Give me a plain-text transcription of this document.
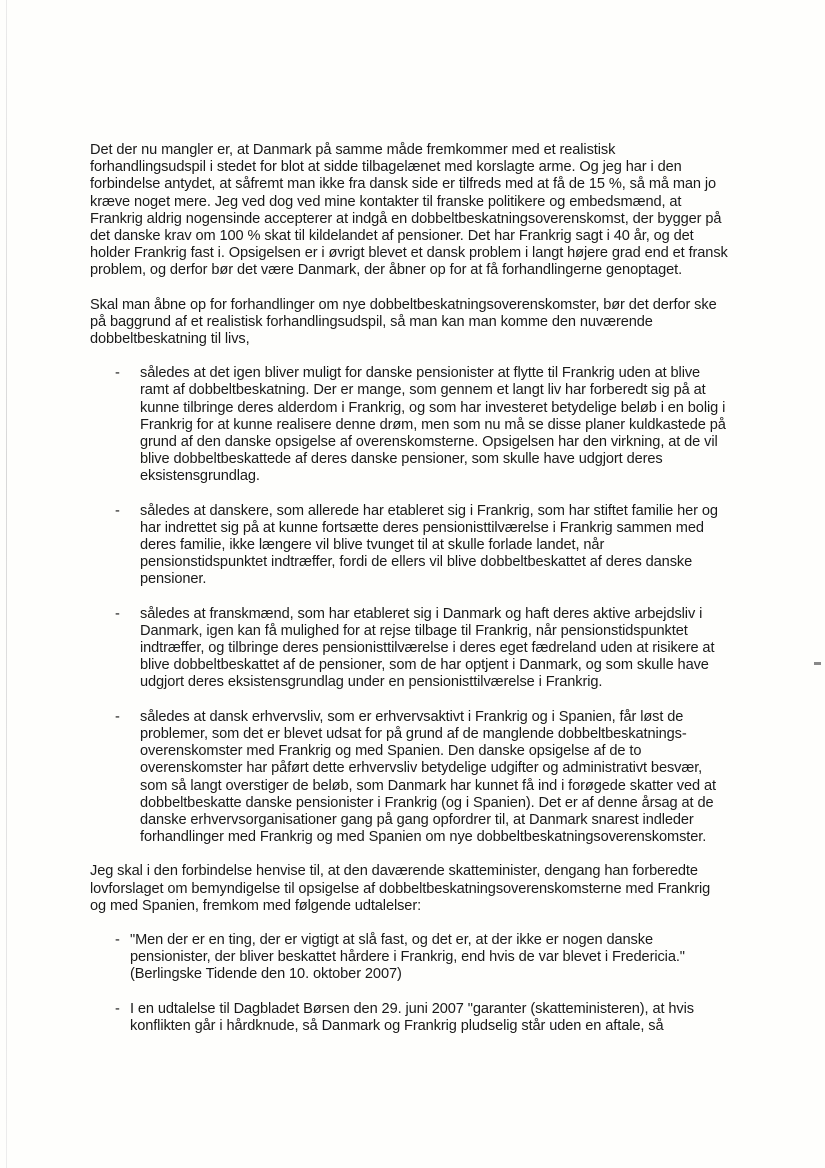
Det der nu mangler er, at Danmark på samme måde fremkommer med et realistisk forhandlingsudspil i stedet for blot at sidde tilbagelænet med korslagte arme. Og jeg har i den forbindelse antydet, at såfremt man ikke fra dansk side er tilfreds med at få de 15 %, så må man jo kræve noget mere. Jeg ved dog ved mine kontakter til franske politikere og embedsmænd, at Frankrig aldrig nogensinde accepterer at indgå en dobbeltbeskatningsoverenskomst, der bygger på det danske krav om 100 % skat til kildelandet af pensioner. Det har Frankrig sagt i 40 år, og det holder Frankrig fast i. Opsigelsen er i øvrigt blevet et dansk problem i langt højere grad end et fransk problem, og derfor bør det være Danmark, der åbner op for at få forhandlingerne genoptaget.

Skal man åbne op for forhandlinger om nye dobbeltbeskatningsoverenskomster, bør det derfor ske på baggrund af et realistisk forhandlingsudspil, så man kan man komme den nuværende dobbeltbeskatning til livs,

- således at det igen bliver muligt for danske pensionister at flytte til Frankrig uden at blive ramt af dobbeltbeskatning. Der er mange, som gennem et langt liv har forberedt sig på at kunne tilbringe deres alderdom i Frankrig, og som har investeret betydelige beløb i en bolig i Frankrig for at kunne realisere denne drøm, men som nu må se disse planer kuldkastede på grund af den danske opsigelse af overenskomsterne. Opsigelsen har den virkning, at de vil blive dobbeltbeskattede af deres danske pensioner, som skulle have udgjort deres eksistensgrundlag.
- således at danskere, som allerede har etableret sig i Frankrig, som har stiftet familie her og har indrettet sig på at kunne fortsætte deres pensionisttilværelse i Frankrig sammen med deres familie, ikke længere vil blive tvunget til at skulle forlade landet, når pensionstidspunktet indtræffer, fordi de ellers vil blive dobbeltbeskattet af deres danske pensioner.
- således at franskmænd, som har etableret sig i Danmark og haft deres aktive arbejdsliv i Danmark, igen kan få mulighed for at rejse tilbage til Frankrig, når pensionstidspunktet indtræffer, og tilbringe deres pensionisttilværelse i deres eget fædreland uden at risikere at blive dobbeltbeskattet af de pensioner, som de har optjent i Danmark, og som skulle have udgjort deres eksistensgrundlag under en pensionisttilværelse i Frankrig.
- således at dansk erhvervsliv, som er erhvervsaktivt i Frankrig og i Spanien, får løst de problemer, som det er blevet udsat for på grund af de manglende dobbeltbeskatnings-overenskomster med Frankrig og med Spanien. Den danske opsigelse af de to overenskomster har påført dette erhvervsliv betydelige udgifter og administrativt besvær, som så langt overstiger de beløb, som Danmark har kunnet få ind i forøgede skatter ved at dobbeltbeskatte danske pensionister i Frankrig (og i Spanien). Det er af denne årsag at de danske erhvervsorganisationer gang på gang opfordrer til, at Danmark snarest indleder forhandlinger med Frankrig og med Spanien om nye dobbeltbeskatningsoverenskomster.

Jeg skal i den forbindelse henvise til, at den daværende skatteminister, dengang han forberedte lovforslaget om bemyndigelse til opsigelse af dobbeltbeskatningsoverenskomsterne med Frankrig og med Spanien, fremkom med følgende udtalelser:

- "Men der er en ting, der er vigtigt at slå fast, og det er, at der ikke er nogen danske pensionister, der bliver beskattet hårdere i Frankrig, end hvis de var blevet i Fredericia." (Berlingske Tidende den 10. oktober 2007)
- I en udtalelse til Dagbladet Børsen den 29. juni 2007 "garanter (skatteministeren), at hvis konflikten går i hårdknude, så Danmark og Frankrig pludselig står uden en aftale, så
